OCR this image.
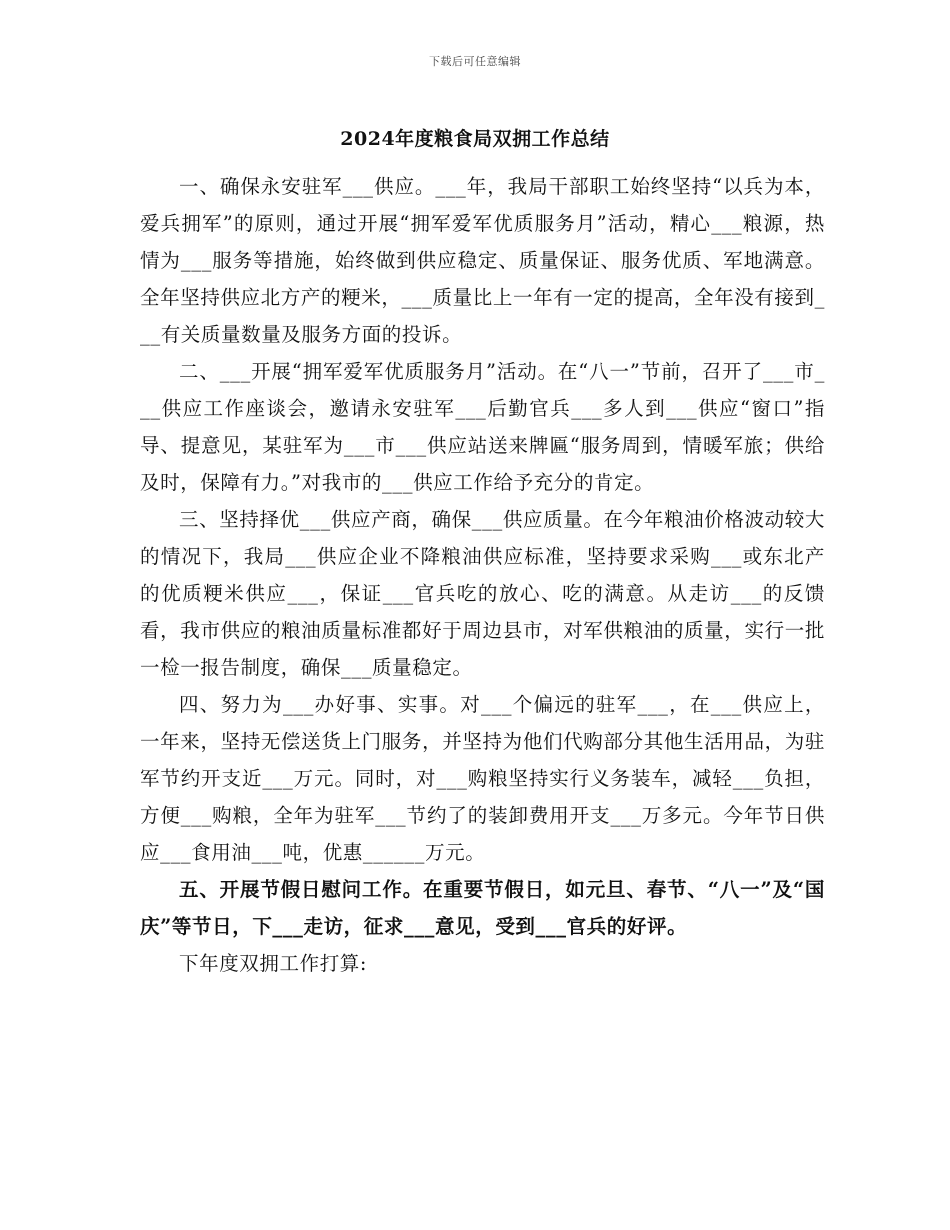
下载后可任意编辑
2024年度粮食局双拥工作总结

一、确保永安驻军___供应。___年，我局干部职工始终坚持“以兵为本，爱兵拥军”的原则，通过开展“拥军爱军优质服务月”活动，精心___粮源，热情为___服务等措施，始终做到供应稳定、质量保证、服务优质、军地满意。全年坚持供应北方产的粳米，___质量比上一年有一定的提高，全年没有接到___有关质量数量及服务方面的投诉。

二、___开展“拥军爱军优质服务月”活动。在“八一”节前，召开了___市___供应工作座谈会，邀请永安驻军___后勤官兵___多人到___供应“窗口”指导、提意见，某驻军为___市___供应站送来牌匾“服务周到，情暖军旅；供给及时，保障有力。”对我市的___供应工作给予充分的肯定。

三、坚持择优___供应产商，确保___供应质量。在今年粮油价格波动较大的情况下，我局___供应企业不降粮油供应标准，坚持要求采购___或东北产的优质粳米供应___，保证___官兵吃的放心、吃的满意。从走访___的反馈看，我市供应的粮油质量标准都好于周边县市，对军供粮油的质量，实行一批一检一报告制度，确保___质量稳定。

四、努力为___办好事、实事。对___个偏远的驻军___，在___供应上，一年来，坚持无偿送货上门服务，并坚持为他们代购部分其他生活用品，为驻军节约开支近___万元。同时，对___购粮坚持实行义务装车，减轻___负担，方便___购粮，全年为驻军___节约了的装卸费用开支___万多元。今年节日供应___食用油___吨，优惠______万元。

五、开展节假日慰问工作。在重要节假日，如元旦、春节、“八一”及“国庆”等节日，下___走访，征求___意见，受到___官兵的好评。

下年度双拥工作打算:
